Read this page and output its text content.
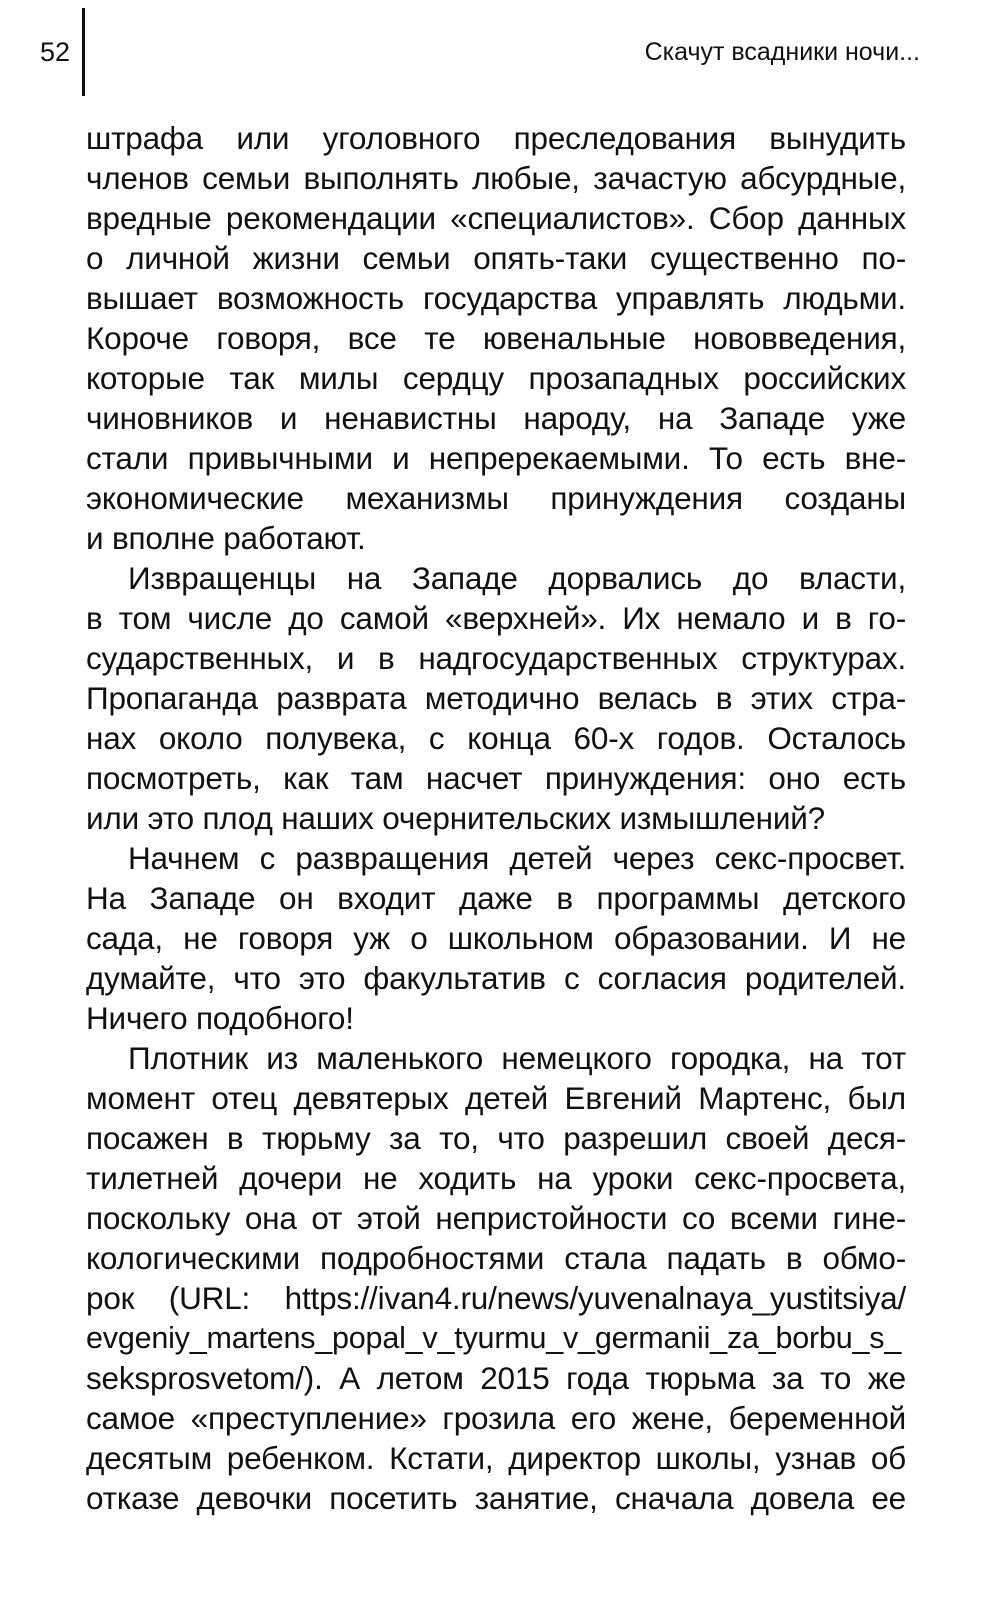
52	Скачут всадники ночи...
штрафа или уголовного преследования вынудить
членов семьи выполнять любые, зачастую абсурдные,
вредные рекомендации «специалистов». Сбор данных
о личной жизни семьи опять-таки существенно по-
вышает возможность государства управлять людьми.
Короче говоря, все те ювенальные нововведения,
которые так милы сердцу прозападных российских
чиновников и ненавистны народу, на Западе уже
стали привычными и непререкаемыми. То есть вне-
экономические механизмы принуждения созданы
и вполне работают.
Извращенцы на Западе дорвались до власти,
в том числе до самой «верхней». Их немало и в го-
сударственных, и в надгосударственных структурах.
Пропаганда разврата методично велась в этих стра-
нах около полувека, с конца 60-х годов. Осталось
посмотреть, как там насчет принуждения: оно есть
или это плод наших очернительских измышлений?
Начнем с развращения детей через секс-просвет.
На Западе он входит даже в программы детского
сада, не говоря уж о школьном образовании. И не
думайте, что это факультатив с согласия родителей.
Ничего подобного!
Плотник из маленького немецкого городка, на тот
момент отец девятерых детей Евгений Мартенс, был
посажен в тюрьму за то, что разрешил своей деся-
тилетней дочери не ходить на уроки секс-просвета,
поскольку она от этой непристойности со всеми гине-
кологическими подробностями стала падать в обмо-
рок (URL: https://ivan4.ru/news/yuvenalnaya_yustitsiya/
evgeniy_martens_popal_v_tyurmu_v_germanii_za_borbu_s_
seksprosvetom/). А летом 2015 года тюрьма за то же
самое «преступление» грозила его жене, беременной
десятым ребенком. Кстати, директор школы, узнав об
отказе девочки посетить занятие, сначала довела ее
